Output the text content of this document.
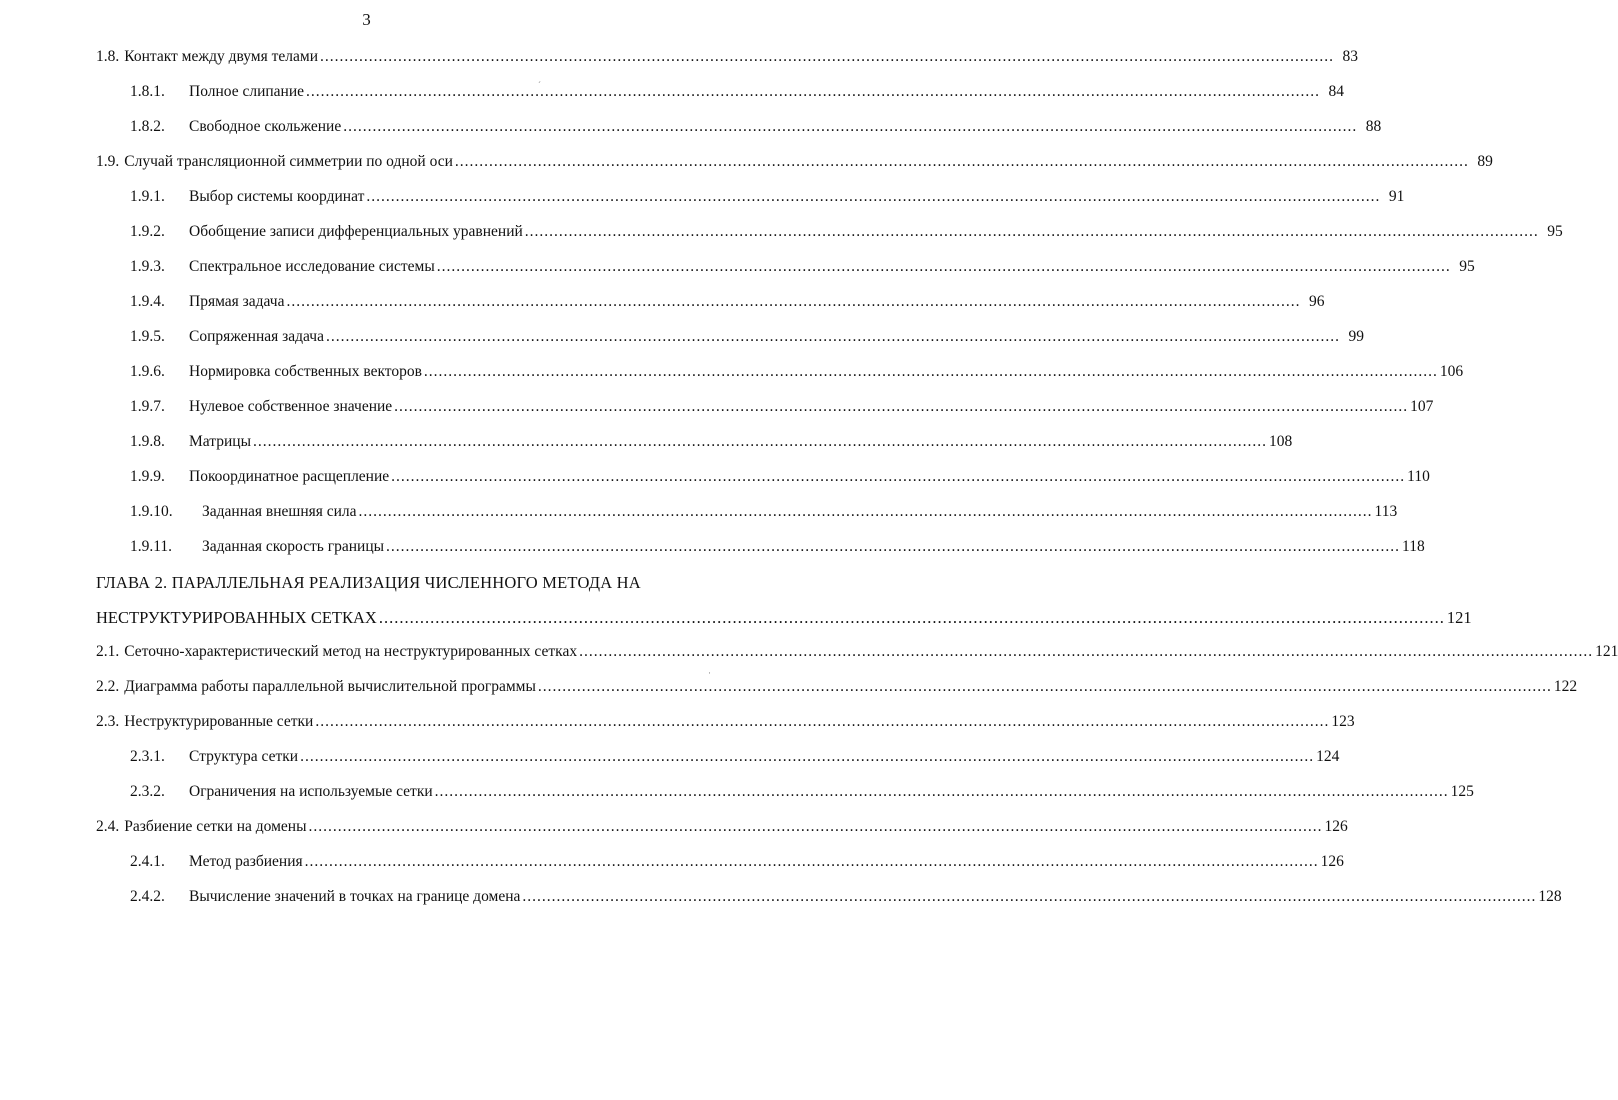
3
1.8. Контакт между двумя телами .....	83
1.8.1.	Полное слипание .....	84
1.8.2.	Свободное скольжение .....	88
1.9. Случай трансляционной симметрии по одной оси .....	89
1.9.1.	Выбор системы координат .....	91
1.9.2.	Обобщение записи дифференциальных уравнений .....	95
1.9.3.	Спектральное исследование системы .....	95
1.9.4.	Прямая задача .....	96
1.9.5.	Сопряженная задача .....	99
1.9.6.	Нормировка собственных векторов .....	106
1.9.7.	Нулевое собственное значение .....	107
1.9.8.	Матрицы .....	108
1.9.9.	Покоординатное расщепление .....	110
1.9.10.	Заданная внешняя сила .....	113
1.9.11.	Заданная скорость границы .....	118
ГЛАВА 2. ПАРАЛЛЕЛЬНАЯ РЕАЛИЗАЦИЯ ЧИСЛЕННОГО МЕТОДА НА
НЕСТРУКТУРИРОВАННЫХ СЕТКАХ .....	121
2.1. Сеточно-характеристический метод на неструктурированных сетках .....	121
2.2. Диаграмма работы параллельной вычислительной программы .....	122
2.3. Неструктурированные сетки .....	123
2.3.1.	Структура сетки .....	124
2.3.2.	Ограничения на используемые сетки .....	125
2.4. Разбиение сетки на домены .....	126
2.4.1.	Метод разбиения .....	126
2.4.2.	Вычисление значений в точках на границе домена .....	128
ˊ
·
